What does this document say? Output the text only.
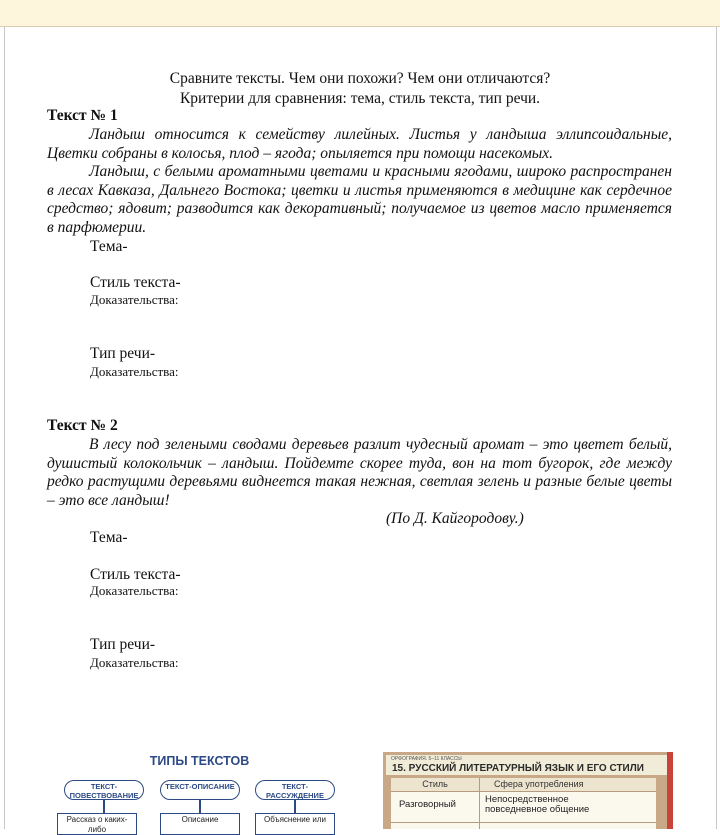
Сравните тексты. Чем они похожи? Чем они отличаются?
Критерии для сравнения: тема, стиль текста, тип речи.
Текст № 1
Ландыш относится к семейству лилейных. Листья у ландыша эллипсоидальные, Цветки собраны в колосья, плод – ягода; опыляется при помощи насекомых.
Ландыш, с белыми ароматными цветами и красными ягодами, широко распространен в лесах Кавказа, Дальнего Востока; цветки и листья применяются в медицине как сердечное средство; ядовит; разводится как декоративный; получаемое из цветов масло применяется в парфюмерии.
Тема-
Стиль текста-
Доказательства:
Тип речи-
Доказательства:
Текст № 2
В лесу под зелеными сводами деревьев разлит чудесный аромат – это цветет белый, душистый колокольчик – ландыш. Пойдемте скорее туда, вон на тот бугорок, где между редко растущими деревьями виднеется такая нежная, светлая зелень и разные белые цветы – это все ландыш!
(По Д. Кайгородову.)
Тема-
Стиль текста-
Доказательства:
Тип речи-
Доказательства:
ТИПЫ ТЕКСТОВ
ТЕКСТ-ПОВЕСТВОВАНИЕ
ТЕКСТ-ОПИСАНИЕ	ТЕКСТ-РАССУЖДЕНИЕ
Рассказ о каких-либо
Описание	Объяснение или
ОРФОГРАФИЯ. 5–11 КЛАССЫ
15. РУССКИЙ ЛИТЕРАТУРНЫЙ ЯЗЫК И ЕГО СТИЛИ
Стиль	Сфера употребления
Разговорный	Непосредственное повседневное общение
